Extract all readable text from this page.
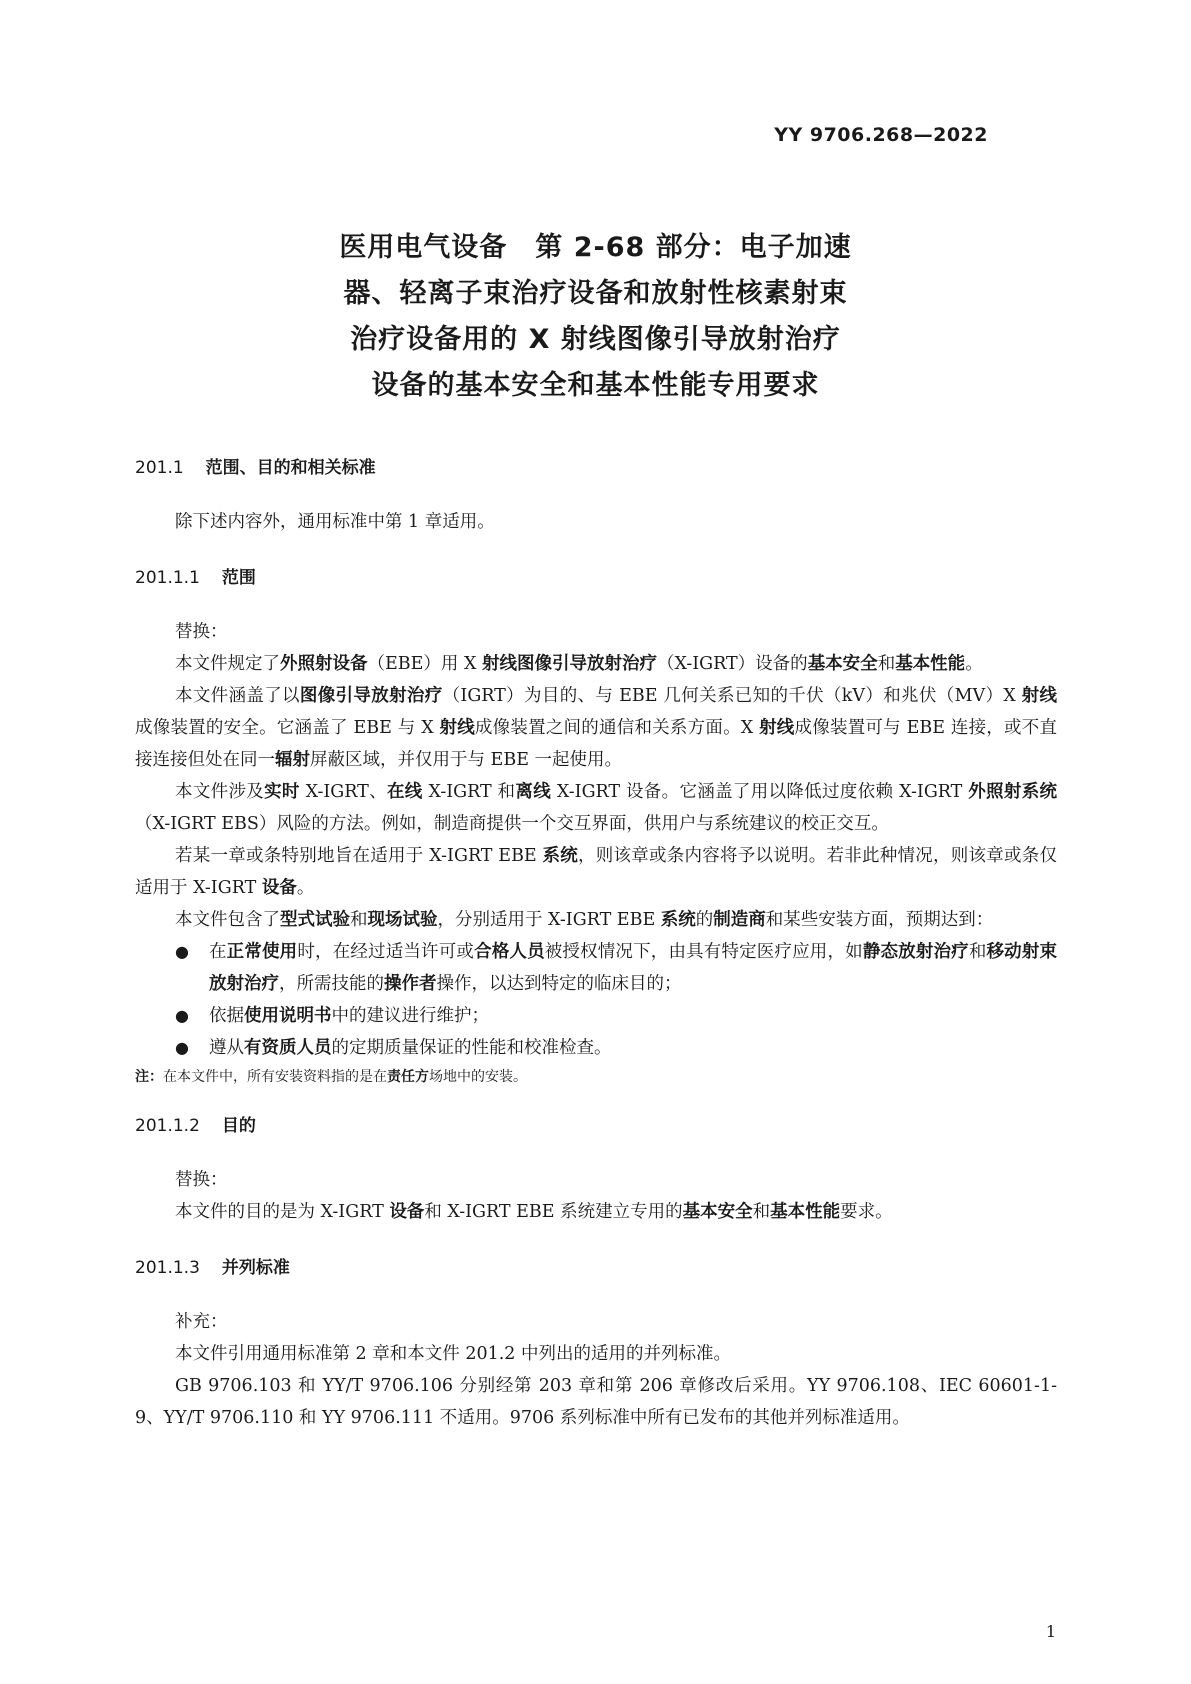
YY 9706.268—2022
医用电气设备　第 2-68 部分：电子加速
器、轻离子束治疗设备和放射性核素射束
治疗设备用的 X 射线图像引导放射治疗
设备的基本安全和基本性能专用要求

201.1 范围、目的和相关标准

除下述内容外，通用标准中第 1 章适用。

201.1.1 范围

替换：

本文件规定了外照射设备（EBE）用 X 射线图像引导放射治疗（X-IGRT）设备的基本安全和基本性能。

本文件涵盖了以图像引导放射治疗（IGRT）为目的、与 EBE 几何关系已知的千伏（kV）和兆伏（MV）X 射线成像装置的安全。它涵盖了 EBE 与 X 射线成像装置之间的通信和关系方面。X 射线成像装置可与 EBE 连接，或不直接连接但处在同一辐射屏蔽区域，并仅用于与 EBE 一起使用。

本文件涉及实时 X-IGRT、在线 X-IGRT 和离线 X-IGRT 设备。它涵盖了用以降低过度依赖 X-IGRT 外照射系统（X-IGRT EBS）风险的方法。例如，制造商提供一个交互界面，供用户与系统建议的校正交互。

若某一章或条特别地旨在适用于 X-IGRT EBE 系统，则该章或条内容将予以说明。若非此种情况，则该章或条仅适用于 X-IGRT 设备。

本文件包含了型式试验和现场试验，分别适用于 X-IGRT EBE 系统的制造商和某些安装方面，预期达到：

● 在正常使用时，在经过适当许可或合格人员被授权情况下，由具有特定医疗应用，如静态放射治疗和移动射束放射治疗，所需技能的操作者操作，以达到特定的临床目的；
● 依据使用说明书中的建议进行维护；
● 遵从有资质人员的定期质量保证的性能和校准检查。

注：在本文件中，所有安装资料指的是在责任方场地中的安装。

201.1.2 目的

替换：

本文件的目的是为 X-IGRT 设备和 X-IGRT EBE 系统建立专用的基本安全和基本性能要求。

201.1.3 并列标准

补充：

本文件引用通用标准第 2 章和本文件 201.2 中列出的适用的并列标准。

GB 9706.103 和 YY/T 9706.106 分别经第 203 章和第 206 章修改后采用。YY 9706.108、IEC 60601-1-9、YY/T 9706.110 和 YY 9706.111 不适用。9706 系列标准中所有已发布的其他并列标准适用。

1
